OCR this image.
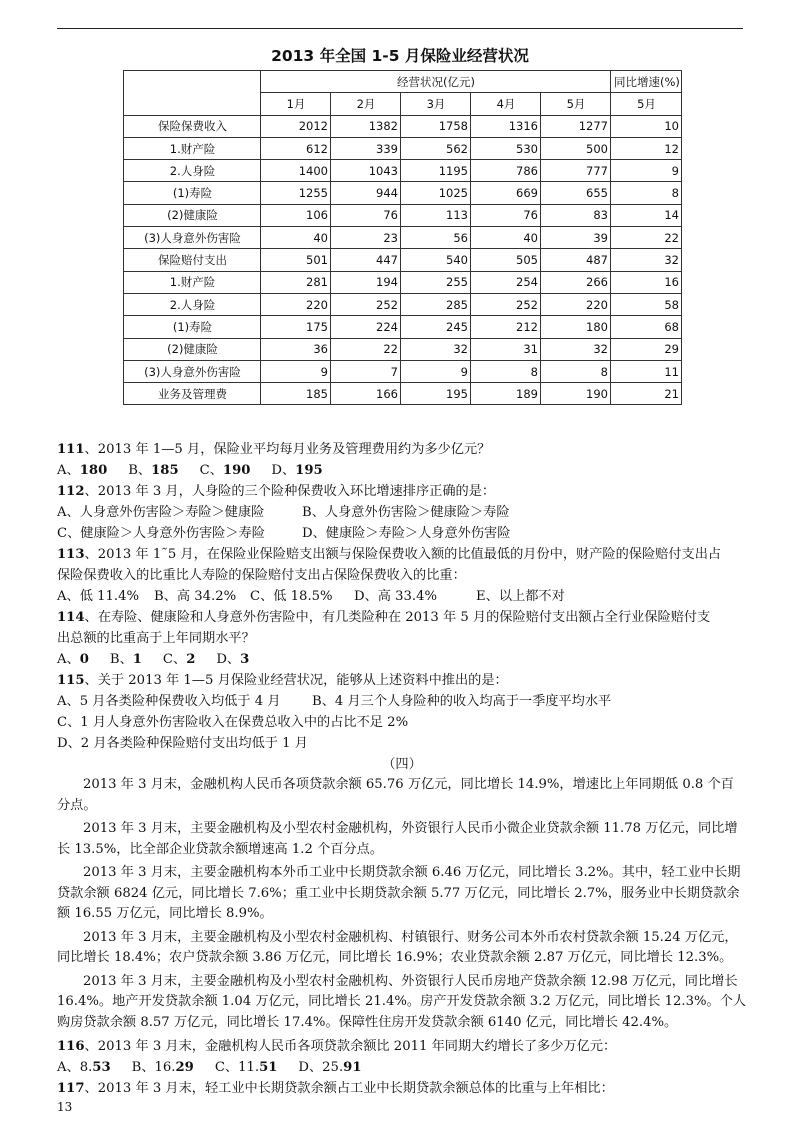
2013 年全国 1-5 月保险业经营状况
	经营状况(亿元)					同比增速(%)
	1月	2月	3月	4月	5月	5月
保险保费收入	2012	1382	1758	1316	1277	10
1.财产险	612	339	562	530	500	12
2.人身险	1400	1043	1195	786	777	9
(1)寿险	1255	944	1025	669	655	8
(2)健康险	106	76	113	76	83	14
(3)人身意外伤害险	40	23	56	40	39	22
保险赔付支出	501	447	540	505	487	32
1.财产险	281	194	255	254	266	16
2.人身险	220	252	285	252	220	58
(1)寿险	175	224	245	212	180	68
(2)健康险	36	22	32	31	32	29
(3)人身意外伤害险	9	7	9	8	8	11
业务及管理费	185	166	195	189	190	21

111、2013 年 1—5 月，保险业平均每月业务及管理费用约为多少亿元？

A、180 B、185 C、190 D、195

112、2013 年 3 月，人身险的三个险种保费收入环比增速排序正确的是：

A、人身意外伤害险＞寿险＞健康险	B、人身意外伤害险＞健康险＞寿险

C、健康险＞人身意外伤害险＞寿险	D、健康险＞寿险＞人身意外伤害险

113、2013 年 1˜5 月，在保险业保险赔支出额与保险保费收入额的比值最低的月份中，财产险的保险赔付支出占

保险保费收入的比重比人寿险的保险赔付支出占保险保费收入的比重：

A、低 11.4% B、高 34.2% C、低 18.5% D、高 33.4%	E、以上都不对

114、在寿险、健康险和人身意外伤害险中，有几类险种在 2013 年 5 月的保险赔付支出额占全行业保险赔付支

出总额的比重高于上年同期水平？

A、0 B、1 C、2 D、3

115、关于 2013 年 1—5 月保险业经营状况，能够从上述资料中推出的是：

A、5 月各类险种保费收入均低于 4 月 B、4 月三个人身险种的收入均高于一季度平均水平

C、1 月人身意外伤害险收入在保费总收入中的占比不足 2%

D、2 月各类险种保险赔付支出均低于 1 月

（四）

2013 年 3 月末，金融机构人民币各项贷款余额 65.76 万亿元，同比增长 14.9%，增速比上年同期低 0.8 个百分点。

2013 年 3 月末，主要金融机构及小型农村金融机构，外资银行人民币小微企业贷款余额 11.78 万亿元，同比增长 13.5%，比全部企业贷款余额增速高 1.2 个百分点。

2013 年 3 月末，主要金融机构本外币工业中长期贷款余额 6.46 万亿元，同比增长 3.2%。其中，轻工业中长期贷款余额 6824 亿元，同比增长 7.6%；重工业中长期贷款余额 5.77 万亿元，同比增长 2.7%，服务业中长期贷款余额 16.55 万亿元，同比增长 8.9%。

2013 年 3 月末，主要金融机构及小型农村金融机构、村镇银行、财务公司本外币农村贷款余额 15.24 万亿元，同比增长 18.4%；农户贷款余额 3.86 万亿元，同比增长 16.9%；农业贷款余额 2.87 万亿元，同比增长 12.3%。

2013 年 3 月末，主要金融机构及小型农村金融机构、外资银行人民币房地产贷款余额 12.98 万亿元，同比增长 16.4%。地产开发贷款余额 1.04 万亿元，同比增长 21.4%。房产开发贷款余额 3.2 万亿元，同比增长 12.3%。个人购房贷款余额 8.57 万亿元，同比增长 17.4%。保障性住房开发贷款余额 6140 亿元，同比增长 42.4%。

116、2013 年 3 月末，金融机构人民币各项贷款余额比 2011 年同期大约增长了多少万亿元：

A、8.53 B、16.29 C、11.51 D、25.91

117、2013 年 3 月末，轻工业中长期贷款余额占工业中长期贷款余额总体的比重与上年相比：

13
